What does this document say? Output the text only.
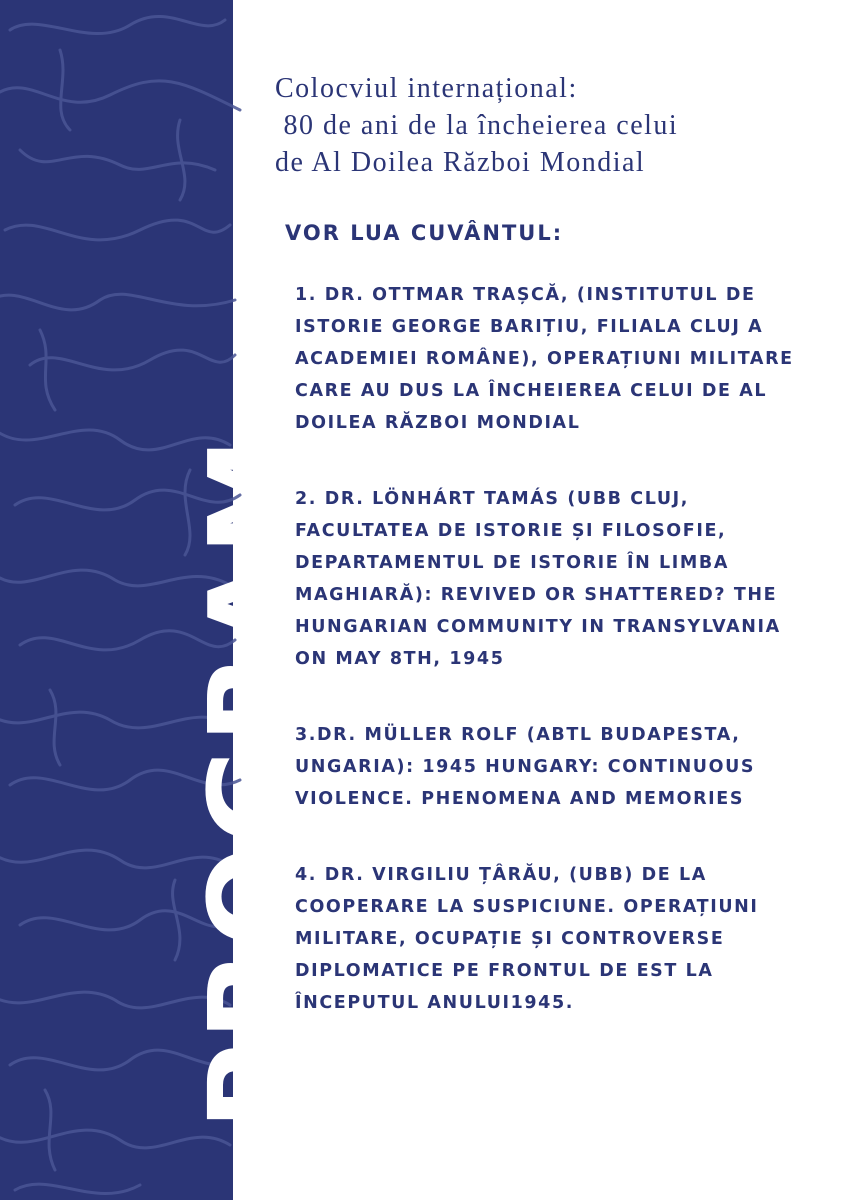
PROGRAM
Colocviul internațional:
80 de ani de la încheierea celui
de Al Doilea Război Mondial
VOR LUA CUVÂNTUL:
1. DR. OTTMAR TRAȘCĂ, (INSTITUTUL DE ISTORIE GEORGE BARIȚIU, FILIALA CLUJ A ACADEMIEI ROMÂNE), OPERAȚIUNI MILITARE CARE AU DUS LA ÎNCHEIEREA CELUI DE AL DOILEA RĂZBOI MONDIAL
2. DR. LÖNHÁRT TAMÁS (UBB CLUJ, FACULTATEA DE ISTORIE ȘI FILOSOFIE, DEPARTAMENTUL DE ISTORIE ÎN LIMBA MAGHIARĂ): REVIVED OR SHATTERED? THE HUNGARIAN COMMUNITY IN TRANSYLVANIA ON MAY 8TH, 1945
3.DR. MÜLLER ROLF (ABTL BUDAPESTA, UNGARIA): 1945 HUNGARY: CONTINUOUS VIOLENCE. PHENOMENA AND MEMORIES
4. DR. VIRGILIU ȚÂRĂU, (UBB) DE LA COOPERARE LA SUSPICIUNE. OPERAȚIUNI MILITARE, OCUPAȚIE ȘI CONTROVERSE DIPLOMATICE PE FRONTUL DE EST LA ÎNCEPUTUL ANULUI1945.
